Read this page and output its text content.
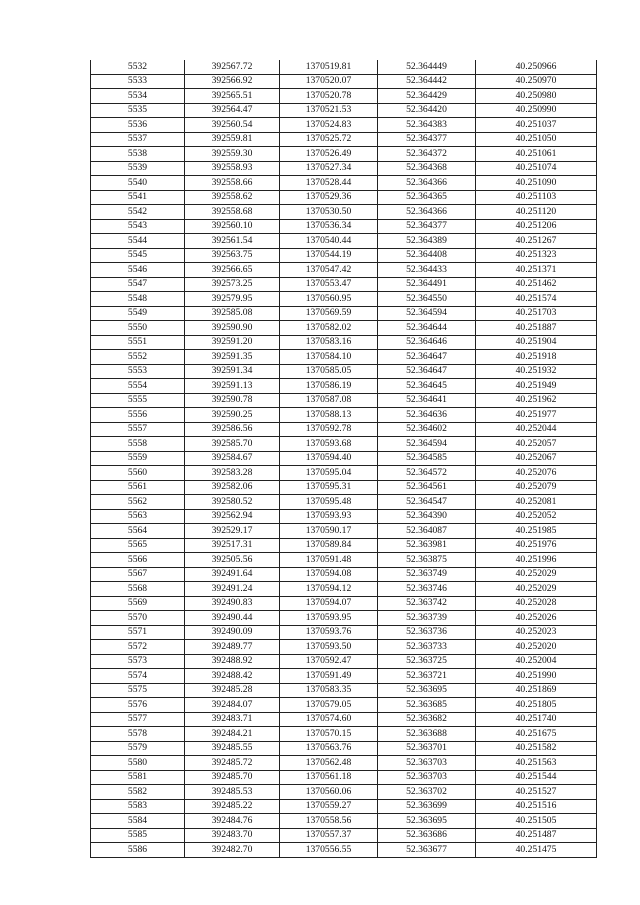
5532	392567.72	1370519.81	52.364449	40.250966
5533	392566.92	1370520.07	52.364442	40.250970
5534	392565.51	1370520.78	52.364429	40.250980
5535	392564.47	1370521.53	52.364420	40.250990
5536	392560.54	1370524.83	52.364383	40.251037
5537	392559.81	1370525.72	52.364377	40.251050
5538	392559.30	1370526.49	52.364372	40.251061
5539	392558.93	1370527.34	52.364368	40.251074
5540	392558.66	1370528.44	52.364366	40.251090
5541	392558.62	1370529.36	52.364365	40.251103
5542	392558.68	1370530.50	52.364366	40.251120
5543	392560.10	1370536.34	52.364377	40.251206
5544	392561.54	1370540.44	52.364389	40.251267
5545	392563.75	1370544.19	52.364408	40.251323
5546	392566.65	1370547.42	52.364433	40.251371
5547	392573.25	1370553.47	52.364491	40.251462
5548	392579.95	1370560.95	52.364550	40.251574
5549	392585.08	1370569.59	52.364594	40.251703
5550	392590.90	1370582.02	52.364644	40.251887
5551	392591.20	1370583.16	52.364646	40.251904
5552	392591.35	1370584.10	52.364647	40.251918
5553	392591.34	1370585.05	52.364647	40.251932
5554	392591.13	1370586.19	52.364645	40.251949
5555	392590.78	1370587.08	52.364641	40.251962
5556	392590.25	1370588.13	52.364636	40.251977
5557	392586.56	1370592.78	52.364602	40.252044
5558	392585.70	1370593.68	52.364594	40.252057
5559	392584.67	1370594.40	52.364585	40.252067
5560	392583.28	1370595.04	52.364572	40.252076
5561	392582.06	1370595.31	52.364561	40.252079
5562	392580.52	1370595.48	52.364547	40.252081
5563	392562.94	1370593.93	52.364390	40.252052
5564	392529.17	1370590.17	52.364087	40.251985
5565	392517.31	1370589.84	52.363981	40.251976
5566	392505.56	1370591.48	52.363875	40.251996
5567	392491.64	1370594.08	52.363749	40.252029
5568	392491.24	1370594.12	52.363746	40.252029
5569	392490.83	1370594.07	52.363742	40.252028
5570	392490.44	1370593.95	52.363739	40.252026
5571	392490.09	1370593.76	52.363736	40.252023
5572	392489.77	1370593.50	52.363733	40.252020
5573	392488.92	1370592.47	52.363725	40.252004
5574	392488.42	1370591.49	52.363721	40.251990
5575	392485.28	1370583.35	52.363695	40.251869
5576	392484.07	1370579.05	52.363685	40.251805
5577	392483.71	1370574.60	52.363682	40.251740
5578	392484.21	1370570.15	52.363688	40.251675
5579	392485.55	1370563.76	52.363701	40.251582
5580	392485.72	1370562.48	52.363703	40.251563
5581	392485.70	1370561.18	52.363703	40.251544
5582	392485.53	1370560.06	52.363702	40.251527
5583	392485.22	1370559.27	52.363699	40.251516
5584	392484.76	1370558.56	52.363695	40.251505
5585	392483.70	1370557.37	52.363686	40.251487
5586	392482.70	1370556.55	52.363677	40.251475
